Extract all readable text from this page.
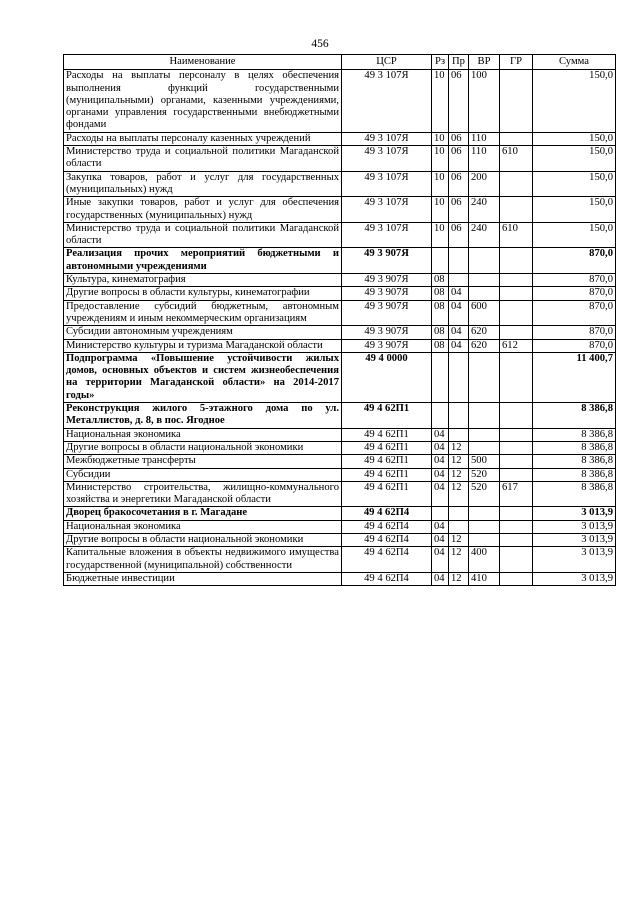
456
Наименование	ЦСР	Рз	Пр	ВР	ГР	Сумма
Расходы на выплаты персоналу в целях обеспечения выполнения функций государственными (муниципальными) органами, казенными учреждениями, органами управления государственными внебюджетными фондами	49 3 107Я	10	06	100		150,0
Расходы на выплаты персоналу казенных учреждений	49 3 107Я	10	06	110		150,0
Министерство труда и социальной политики Магаданской области	49 3 107Я	10	06	110	610	150,0
Закупка товаров, работ и услуг для государственных (муниципальных) нужд	49 3 107Я	10	06	200		150,0
Иные закупки товаров, работ и услуг для обеспечения государственных (муниципальных) нужд	49 3 107Я	10	06	240		150,0
Министерство труда и социальной политики Магаданской области	49 3 107Я	10	06	240	610	150,0
Реализация прочих мероприятий бюджетными и автономными учреждениями	49 3 907Я					870,0
Культура, кинематография	49 3 907Я	08				870,0
Другие вопросы в области культуры, кинематографии	49 3 907Я	08	04			870,0
Предоставление субсидий бюджетным, автономным учреждениям и иным некоммерческим организациям	49 3 907Я	08	04	600		870,0
Субсидии автономным учреждениям	49 3 907Я	08	04	620		870,0
Министерство культуры и туризма Магаданской области	49 3 907Я	08	04	620	612	870,0
Подпрограмма «Повышение устойчивости жилых домов, основных объектов и систем жизнеобеспечения на территории Магаданской области» на 2014-2017 годы»	49 4 0000					11 400,7
Реконструкция жилого 5-этажного дома по ул. Металлистов, д. 8, в пос. Ягодное	49 4 62П1					8 386,8
Национальная экономика	49 4 62П1	04				8 386,8
Другие вопросы в области национальной экономики	49 4 62П1	04	12			8 386,8
Межбюджетные трансферты	49 4 62П1	04	12	500		8 386,8
Субсидии	49 4 62П1	04	12	520		8 386,8
Министерство строительства, жилищно-коммунального хозяйства и энергетики Магаданской области	49 4 62П1	04	12	520	617	8 386,8
Дворец бракосочетания в г. Магадане	49 4 62П4					3 013,9
Национальная экономика	49 4 62П4	04				3 013,9
Другие вопросы в области национальной экономики	49 4 62П4	04	12			3 013,9
Капитальные вложения в объекты недвижимого имущества государственной (муниципальной) собственности	49 4 62П4	04	12	400		3 013,9
Бюджетные инвестиции	49 4 62П4	04	12	410		3 013,9
